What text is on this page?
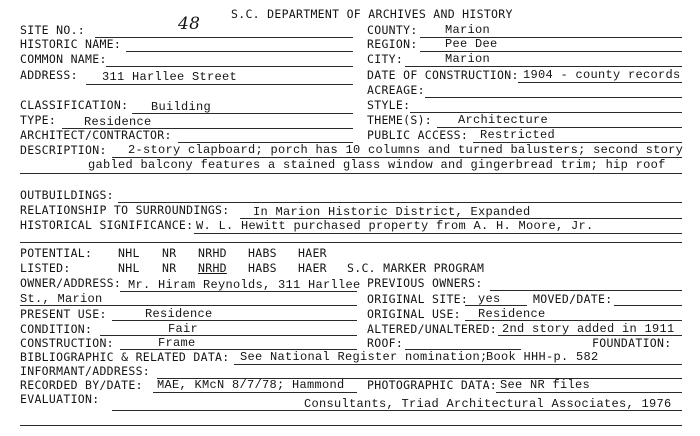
S.C. DEPARTMENT OF ARCHIVES AND HISTORY
SITE NO.:	48	COUNTY: Marion
HISTORIC NAME:	REGION: Pee Dee
COMMON NAME:	CITY:	Marion
ADDRESS: 311 Harllee Street	DATE OF CONSTRUCTION: 1904 - county records
ACREAGE:
CLASSIFICATION: Building	STYLE:
TYPE: Residence	THEME(S): Architecture
ARCHITECT/CONTRACTOR:	PUBLIC ACCESS: Restricted
DESCRIPTION: 2-story clapboard; porch has 10 columns and turned balusters; second story
gabled balcony features a stained glass window and gingerbread trim; hip roof
OUTBUILDINGS:
RELATIONSHIP TO SURROUNDINGS: In Marion Historic District, Expanded
HISTORICAL SIGNIFICANCE: W. L. Hewitt purchased property from A. H. Moore, Jr.
POTENTIAL: NHL NR NRHD HABS HAER
LISTED:	NHL NR NRHD HABS HAER S.C. MARKER PROGRAM
OWNER/ADDRESS: Mr. Hiram Reynolds, 311 Harllee PREVIOUS OWNERS:
St., Marion	ORIGINAL SITE: yes	MOVED/DATE:
PRESENT USE:	Residence	ORIGINAL USE: Residence
CONDITION:	Fair	ALTERED/UNALTERED: 2nd story added in 1911
CONSTRUCTION:	Frame	ROOF:	FOUNDATION:
BIBLIOGRAPHIC & RELATED DATA: See National Register nomination;
Book HHH-p. 582
INFORMANT/ADDRESS:
RECORDED BY/DATE: MAE, KMcN 8/7/78; Hammond PHOTOGRAPHIC DATA: See NR files
EVALUATION:	Consultants, Triad Architectural Associates, 1976
